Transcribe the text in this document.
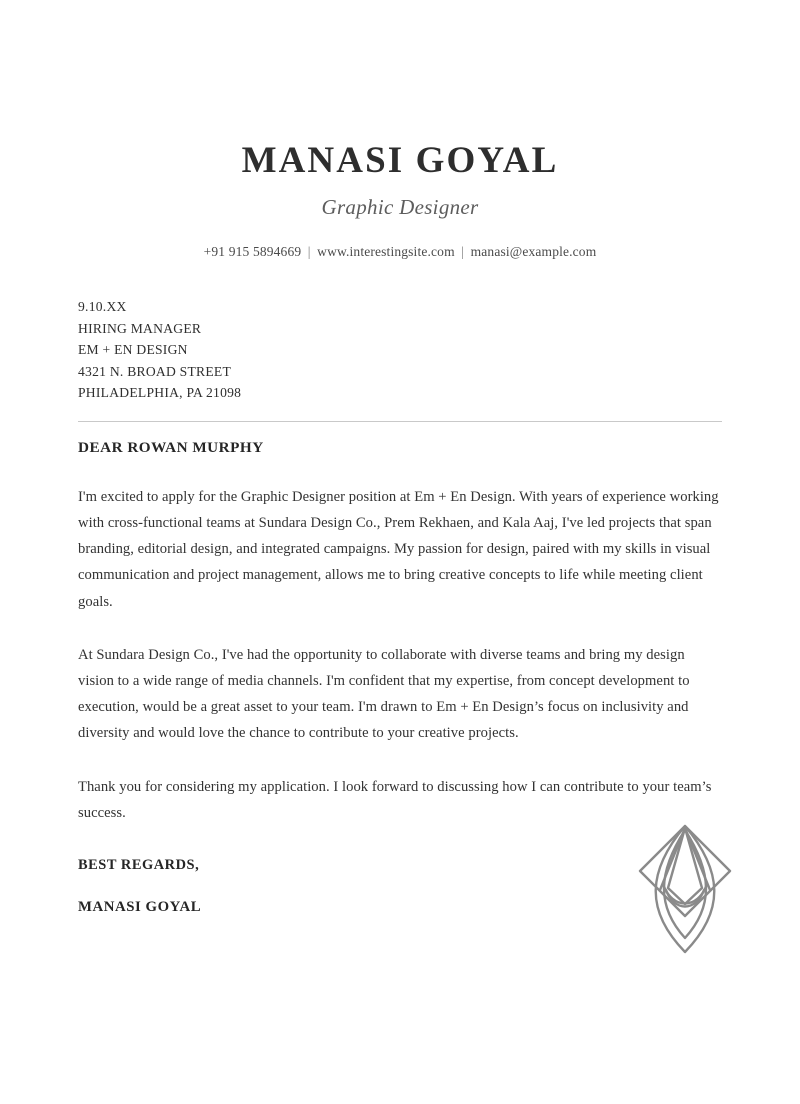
MANASI GOYAL
Graphic Designer
+91 915 5894669 | www.interestingsite.com | manasi@example.com
9.10.XX
HIRING MANAGER
EM + EN DESIGN
4321 N. BROAD STREET
PHILADELPHIA, PA 21098
DEAR ROWAN MURPHY

I'm excited to apply for the Graphic Designer position at Em + En Design. With years of experience working with cross-functional teams at Sundara Design Co., Prem Rekhaen, and Kala Aaj, I've led projects that span branding, editorial design, and integrated campaigns. My passion for design, paired with my skills in visual communication and project management, allows me to bring creative concepts to life while meeting client goals.

At Sundara Design Co., I've had the opportunity to collaborate with diverse teams and bring my design vision to a wide range of media channels. I'm confident that my expertise, from concept development to execution, would be a great asset to your team. I'm drawn to Em + En Design’s focus on inclusivity and diversity and would love the chance to contribute to your creative projects.

Thank you for considering my application. I look forward to discussing how I can contribute to your team’s success.

BEST REGARDS,
MANASI GOYAL
